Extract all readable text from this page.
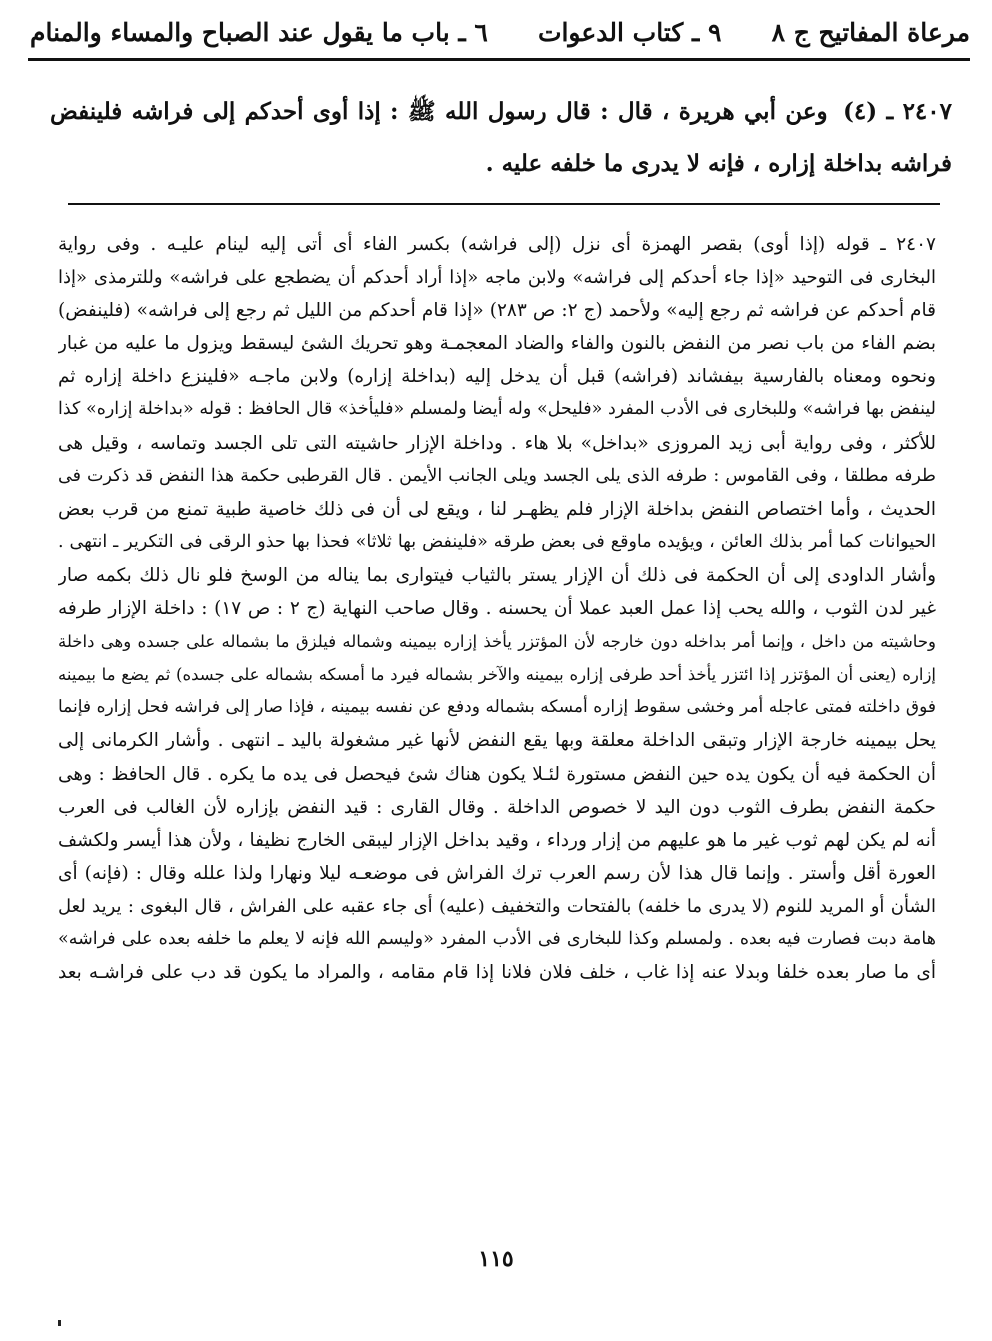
مرعاة المفاتيح ج ٨
٩ ـ كتاب الدعوات
٦ ـ باب ما يقول عند الصباح والمساء والمنام
٢٤٠٧ ـ (٤) وعن أبي هريرة ، قال : قال رسول الله ﷺ : إذا أوى أحدكم إلى فراشه فلينفض فراشه بداخلة إزاره ، فإنه لا يدرى ما خلفه عليه .
٢٤٠٧ ـ قوله (إذا أوى) بقصر الهمزة أى نزل (إلى فراشه) بكسر الفاء أى أتى إليه لينام عليـه . وفى رواية
البخارى فى التوحيد «إذا جاء أحدكم إلى فراشه» ولابن ماجه «إذا أراد أحدكم أن يضطجع على فراشه» وللترمذى «إذا
قام أحدكم عن فراشه ثم رجع إليه» ولأحمد (ج ٢: ص ٢٨٣) «إذا قام أحدكم من الليل ثم رجع إلى فراشه» (فلينفض)
بضم الفاء من باب نصر من النفض بالنون والفاء والضاد المعجمـة وهو تحريك الشئ ليسقط ويزول ما عليه من غبار
ونحوه ومعناه بالفارسية بيفشاند (فراشه) قبل أن يدخل إليه (بداخلة إزاره) ولابن ماجـه «فلينزع داخلة إزاره ثم
لينفض بها فراشه» وللبخارى فى الأدب المفرد «فليحل» وله أيضا ولمسلم «فليأخذ» قال الحافظ : قوله «بداخلة إزاره» كذا
للأكثر ، وفى رواية أبى زيد المروزى «بداخل» بلا هاء . وداخلة الإزار حاشيته التى تلى الجسد وتماسه ، وقيل هى
طرفه مطلقا ، وفى القاموس : طرفه الذى يلى الجسد ويلى الجانب الأيمن . قال القرطبى حكمة هذا النفض قد ذكرت فى
الحديث ، وأما اختصاص النفض بداخلة الإزار فلم يظهـر لنا ، ويقع لى أن فى ذلك خاصية طبية تمنع من قرب بعض
الحيوانات كما أمر بذلك العائن ، ويؤيده ماوقع فى بعض طرقه «فلينفض بها ثلاثا» فحذا بها حذو الرقى فى التكرير ـ انتهى .
وأشار الداودى إلى أن الحكمة فى ذلك أن الإزار يستر بالثياب فيتوارى بما يناله من الوسخ فلو نال ذلك بكمه صار
غير لدن الثوب ، والله يحب إذا عمل العبد عملا أن يحسنه . وقال صاحب النهاية (ج ٢ : ص ١٧) : داخلة الإزار طرفه
وحاشيته من داخل ، وإنما أمر بداخله دون خارجه لأن المؤتزر يأخذ إزاره بيمينه وشماله فيلزق ما بشماله على جسده وهى داخلة
إزاره (يعنى أن المؤتزر إذا ائتزر يأخذ أحد طرفى إزاره بيمينه والآخر بشماله فيرد ما أمسكه بشماله على جسده) ثم يضع ما بيمينه
فوق داخلته فمتى عاجله أمر وخشى سقوط إزاره أمسكه بشماله ودفع عن نفسه بيمينه ، فإذا صار إلى فراشه فحل إزاره فإنما
يحل بيمينه خارجة الإزار وتبقى الداخلة معلقة وبها يقع النفض لأنها غير مشغولة باليد ـ انتهى . وأشار الكرمانى إلى
أن الحكمة فيه أن يكون يده حين النفض مستورة لئـلا يكون هناك شئ فيحصل فى يده ما يكره . قال الحافظ : وهى
حكمة النفض بطرف الثوب دون اليد لا خصوص الداخلة . وقال القارى : قيد النفض بإزاره لأن الغالب فى العرب
أنه لم يكن لهم ثوب غير ما هو عليهم من إزار ورداء ، وقيد بداخل الإزار ليبقى الخارج نظيفا ، ولأن هذا أيسر ولكشف
العورة أقل وأستر . وإنما قال هذا لأن رسم العرب ترك الفراش فى موضعـه ليلا ونهارا ولذا علله وقال : (فإنه) أى
الشأن أو المريد للنوم (لا يدرى ما خلفه) بالفتحات والتخفيف (عليه) أى جاء عقبه على الفراش ، قال البغوى : يريد لعل
هامة دبت فصارت فيه بعده . ولمسلم وكذا للبخارى فى الأدب المفرد «وليسم الله فإنه لا يعلم ما خلفه بعده على فراشه»
أى ما صار بعده خلفا وبدلا عنه إذا غاب ، خلف فلان فلانا إذا قام مقامه ، والمراد ما يكون قد دب على فراشـه بعد
١١٥
